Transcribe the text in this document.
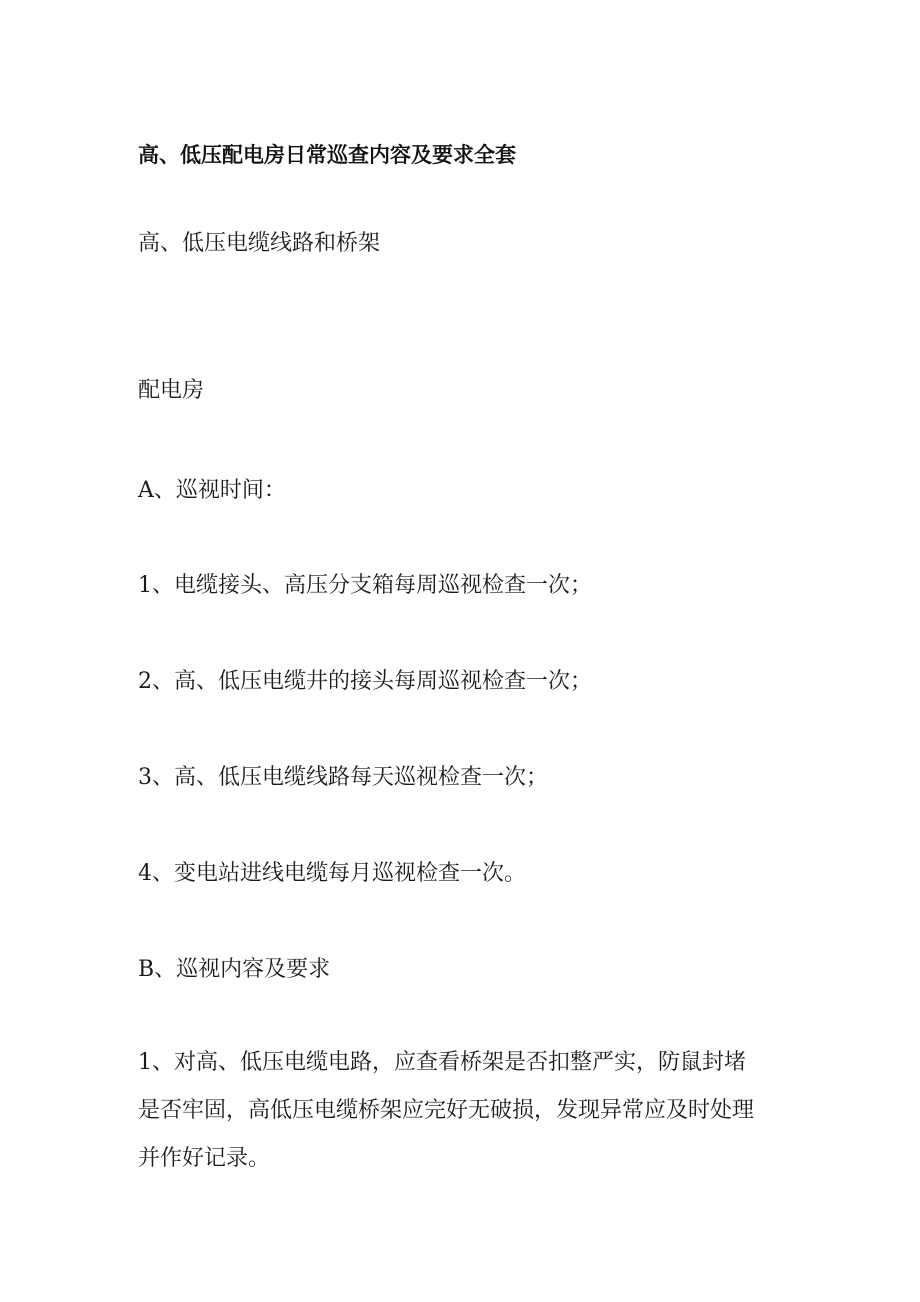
高、低压配电房日常巡查内容及要求全套

高、低压电缆线路和桥架

配电房

A、巡视时间：

1、电缆接头、高压分支箱每周巡视检查一次；

2、高、低压电缆井的接头每周巡视检查一次；

3、高、低压电缆线路每天巡视检查一次；

4、变电站进线电缆每月巡视检查一次。

B、巡视内容及要求

1、对高、低压电缆电路，应查看桥架是否扣整严实，防鼠封堵
是否牢固，高低压电缆桥架应完好无破损，发现异常应及时处理
并作好记录。
